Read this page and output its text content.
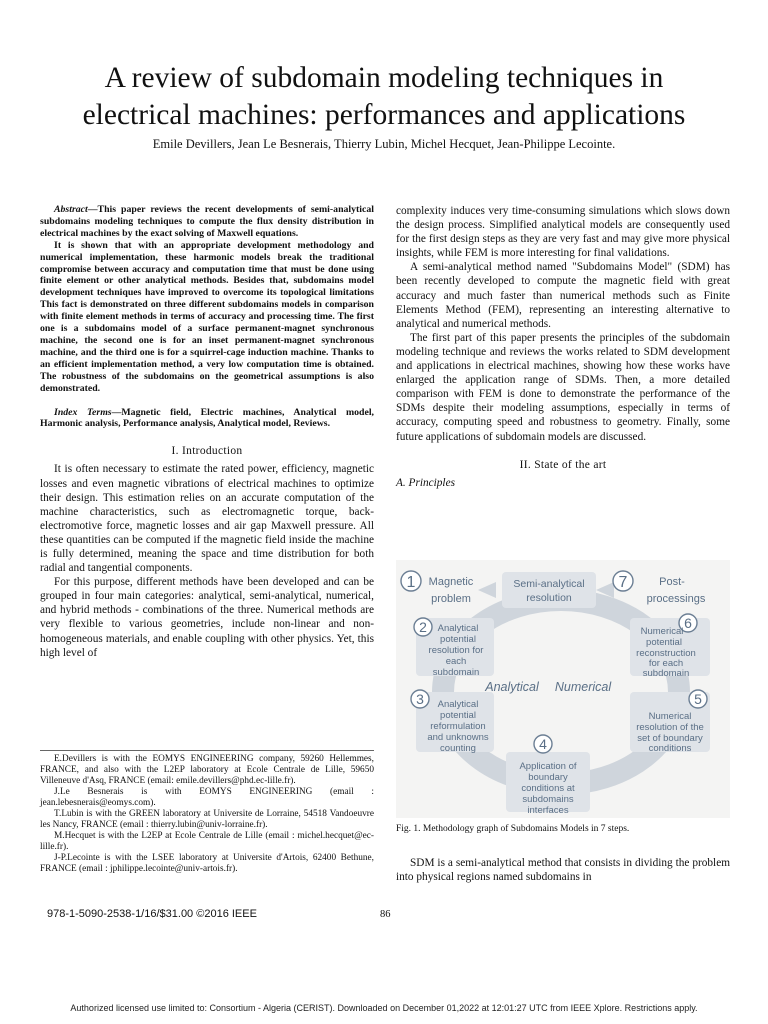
A review of subdomain modeling techniques in
electrical machines: performances and applications
Emile Devillers, Jean Le Besnerais, Thierry Lubin, Michel Hecquet, Jean-Philippe Lecointe.

Abstract—This paper reviews the recent developments of semi-analytical subdomains modeling techniques to compute the flux density distribution in electrical machines by the exact solving of Maxwell equations.

It is shown that with an appropriate development methodology and numerical implementation, these harmonic models break the traditional compromise between accuracy and computation time that must be done using finite element or other analytical methods. Besides that, subdomains model development techniques have improved to overcome its topological limitations This fact is demonstrated on three different subdomains models in comparison with finite element methods in terms of accuracy and processing time. The first one is a subdomains model of a surface permanent-magnet synchronous machine, the second one is for an inset permanent-magnet synchronous machine, and the third one is for a squirrel-cage induction machine. Thanks to an efficient implementation method, a very low computation time is obtained. The robustness of the subdomains on the geometrical assumptions is also demonstrated.

Index Terms—Magnetic field, Electric machines, Analytical model, Harmonic analysis, Performance analysis, Analytical model, Reviews.

I. Introduction

It is often necessary to estimate the rated power, efficiency, magnetic losses and even magnetic vibrations of electrical machines to optimize their design. This estimation relies on an accurate computation of the machine characteristics, such as electromagnetic torque, back-electromotive force, magnetic losses and air gap Maxwell pressure. All these quantities can be computed if the magnetic field inside the machine is fully determined, meaning the space and time distribution for both radial and tangential components.

For this purpose, different methods have been developed and can be grouped in four main categories: analytical, semi-analytical, numerical, and hybrid methods - combinations of the three. Numerical methods are very flexible to various geometries, include non-linear and non-homogeneous materials, and enable coupling with other physics. Yet, this high level of

E.Devillers is with the EOMYS ENGINEERING company, 59260 Hellemmes, FRANCE, and also with the L2EP laboratory at Ecole Centrale de Lille, 59650 Villeneuve d'Asq, FRANCE (email: emile.devillers@phd.ec-lille.fr).

J.Le Besnerais is with EOMYS ENGINEERING (email : jean.lebesnerais@eomys.com).

T.Lubin is with the GREEN laboratory at Universite de Lorraine, 54518 Vandoeuvre les Nancy, FRANCE (email : thierry.lubin@univ-lorraine.fr).

M.Hecquet is with the L2EP at Ecole Centrale de Lille (email : michel.hecquet@ec-lille.fr).

J-P.Lecointe is with the LSEE laboratory at Universite d'Artois, 62400 Bethune, FRANCE (email : jphilippe.lecointe@univ-artois.fr).

complexity induces very time-consuming simulations which slows down the design process. Simplified analytical models are consequently used for the first design steps as they are very fast and may give more physical insights, while FEM is more interesting for final validations.

A semi-analytical method named "Subdomains Model" (SDM) has been recently developed to compute the magnetic field with great accuracy and much faster than numerical methods such as Finite Elements Method (FEM), representing an interesting alternative to analytical and numerical methods.

The first part of this paper presents the principles of the subdomain modeling technique and reviews the works related to SDM development and applications in electrical machines, showing how these works have enlarged the application range of SDMs. Then, a more detailed comparison with FEM is done to demonstrate the performance of the SDMs despite their modeling assumptions, especially in terms of accuracy, computing speed and robustness to geometry. Finally, some future applications of subdomain models are discussed.

II. State of the art

A. Principles

1	7
2	6
3	5
4
Magnetic problem
Semi-analytical resolution
Post-processings
Analytical potential resolution for each subdomain
Numerical potential reconstruction for each subdomain
Analytical Numerical
Analytical potential reformulation and unknowns counting
Numerical resolution of the set of boundary conditions
Application of boundary conditions at subdomains interfaces
Fig. 1. Methodology graph of Subdomains Models in 7 steps.

SDM is a semi-analytical method that consists in dividing the problem into physical regions named subdomains in

978-1-5090-2538-1/16/$31.00 ©2016 IEEE	86
Authorized licensed use limited to: Consortium - Algeria (CERIST). Downloaded on December 01,2022 at 12:01:27 UTC from IEEE Xplore. Restrictions apply.
